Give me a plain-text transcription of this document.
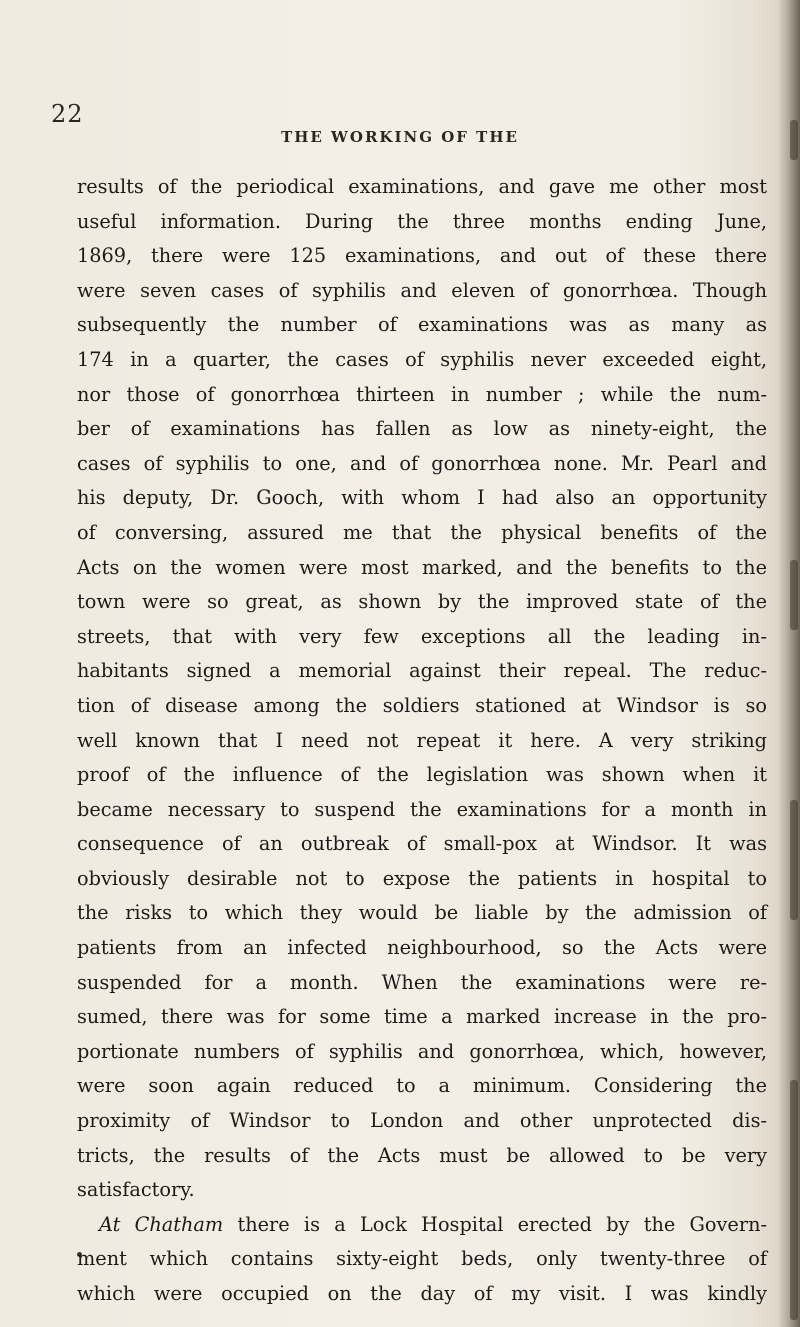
22
THE WORKING OF THE
results of the periodical examinations, and gave me other most
useful information. During the three months ending June,
1869, there were 125 examinations, and out of these there
were seven cases of syphilis and eleven of gonorrhœa. Though
subsequently the number of examinations was as many as
174 in a quarter, the cases of syphilis never exceeded eight,
nor those of gonorrhœa thirteen in number ; while the num-
ber of examinations has fallen as low as ninety-eight, the
cases of syphilis to one, and of gonorrhœa none. Mr. Pearl and
his deputy, Dr. Gooch, with whom I had also an opportunity
of conversing, assured me that the physical benefits of the
Acts on the women were most marked, and the benefits to the
town were so great, as shown by the improved state of the
streets, that with very few exceptions all the leading in-
habitants signed a memorial against their repeal. The reduc-
tion of disease among the soldiers stationed at Windsor is so
well known that I need not repeat it here. A very striking
proof of the influence of the legislation was shown when it
became necessary to suspend the examinations for a month in
consequence of an outbreak of small-pox at Windsor. It was
obviously desirable not to expose the patients in hospital to
the risks to which they would be liable by the admission of
patients from an infected neighbourhood, so the Acts were
suspended for a month. When the examinations were re-
sumed, there was for some time a marked increase in the pro-
portionate numbers of syphilis and gonorrhœa, which, however,
were soon again reduced to a minimum. Considering the
proximity of Windsor to London and other unprotected dis-
tricts, the results of the Acts must be allowed to be very
satisfactory.
At Chatham there is a Lock Hospital erected by the Govern-
ment which contains sixty-eight beds, only twenty-three of
which were occupied on the day of my visit. I was kindly
